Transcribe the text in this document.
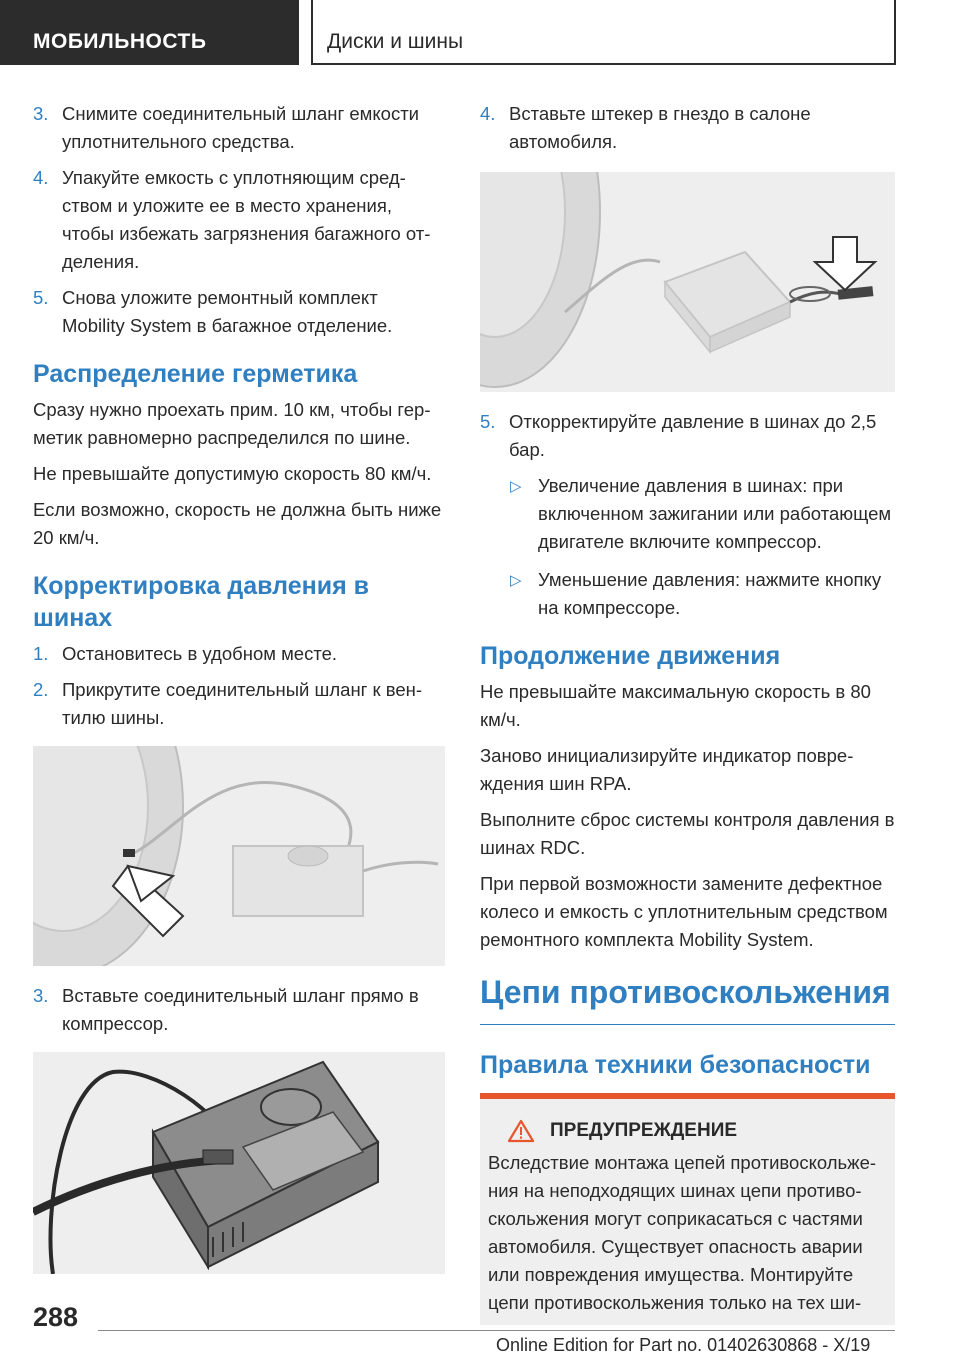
МОБИЛЬНОСТЬ	Диски и шины
3. Снимите соединительный шланг емкости уплотнительного средства.
4. Упакуйте емкость с уплотняющим средством и уложите ее в место хранения, чтобы избежать загрязнения багажного отделения.
5. Снова уложите ремонтный комплект Mobility System в багажное отделение.
Распределение герметика

Сразу нужно проехать прим. 10 км, чтобы герметик равномерно распределился по шине.

Не превышайте допустимую скорость 80 км/ч.

Если возможно, скорость не должна быть ниже 20 км/ч.

Корректировка давления в шинах
1. Остановитесь в удобном месте.
2. Прикрутите соединительный шланг к вентилю шины.
3. Вставьте соединительный шланг прямо в компрессор.
4. Вставьте штекер в гнездо в салоне автомобиля.
5. Откорректируйте давление в шинах до 2,5 бар.
▷ Увеличение давления в шинах: при включенном зажигании или работающем двигателе включите компрессор.
▷ Уменьшение давления: нажмите кнопку на компрессоре.
Продолжение движения

Не превышайте максимальную скорость в 80 км/ч.

Заново инициализируйте индикатор повреждения шин RPA.

Выполните сброс системы контроля давления в шинах RDC.

При первой возможности замените дефектное колесо и емкость с уплотнительным средством ремонтного комплекта Mobility System.

Цепи противоскольжения
Правила техники безопасности
ПРЕДУПРЕЖДЕНИЕ

Вследствие монтажа цепей противоскольжения на неподходящих шинах цепи противоскольжения могут соприкасаться с частями автомобиля. Существует опасность аварии или повреждения имущества. Монтируйте цепи противоскольжения только на тех ши-

288
Online Edition for Part no. 01402630868 - X/19
